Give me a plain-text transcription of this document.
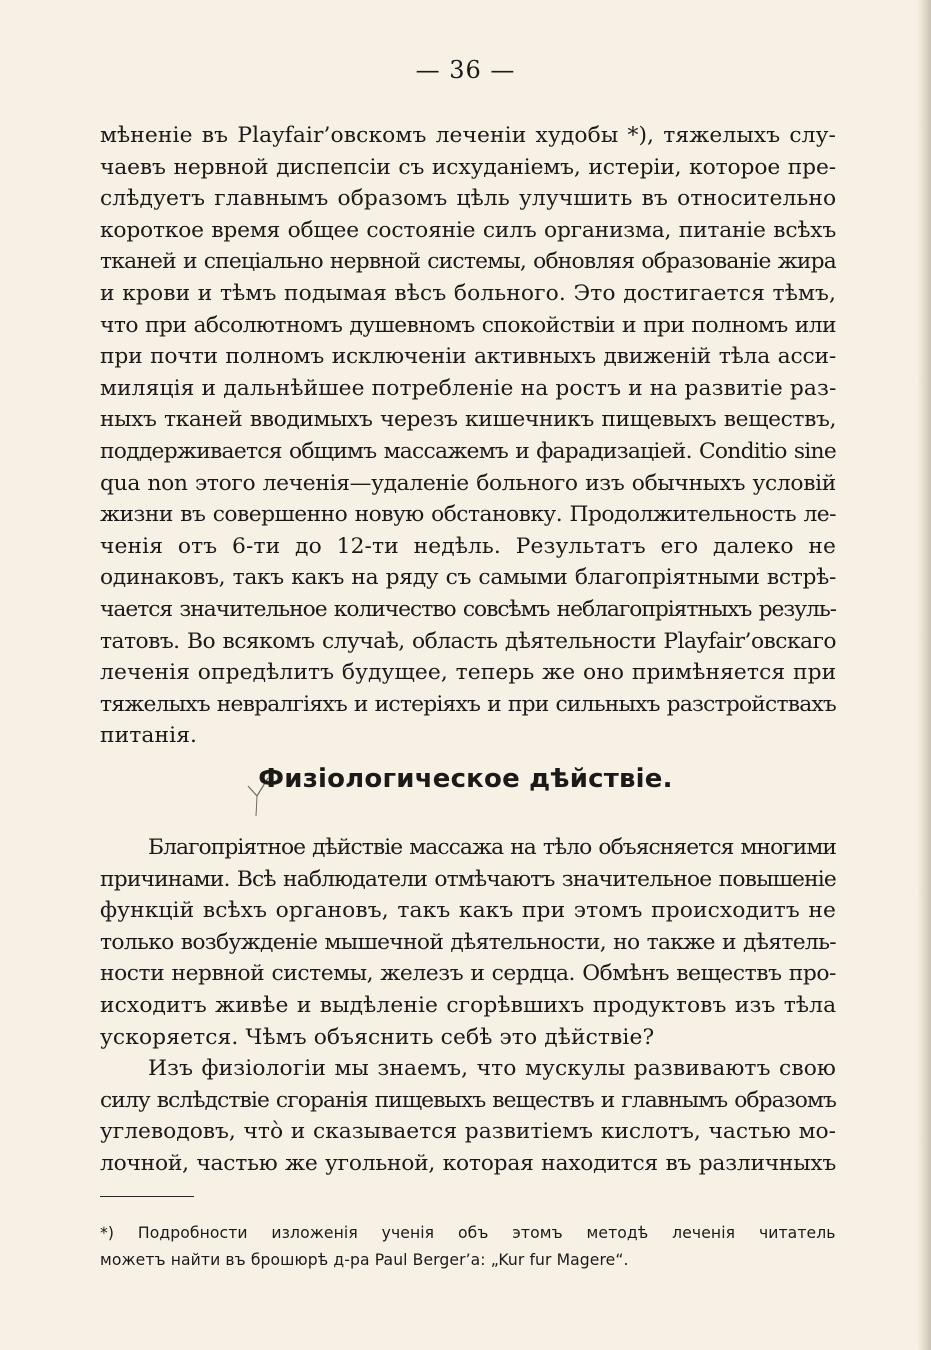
— 36 —
мѣненіе въ Playfair’овскомъ леченіи худобы *), тяжелыхъ слу-
чаевъ нервной диспепсіи съ исхуданіемъ, истеріи, которое пре-
слѣдуетъ главнымъ образомъ цѣль улучшить въ относительно
короткое время общее состояніе силъ организма, питаніе всѣхъ
тканей и спеціально нервной системы, обновляя образованіе жира
и крови и тѣмъ подымая вѣсъ больного. Это достигается тѣмъ,
что при абсолютномъ душевномъ спокойствіи и при полномъ или
при почти полномъ исключеніи активныхъ движеній тѣла асси-
миляція и дальнѣйшее потребленіе на ростъ и на развитіе раз-
ныхъ тканей вводимыхъ черезъ кишечникъ пищевыхъ веществъ,
поддерживается общимъ массажемъ и фарадизаціей. Conditio sine
qua non этого леченія—удаленіе больного изъ обычныхъ условій
жизни въ совершенно новую обстановку. Продолжительность ле-
ченія отъ 6-ти до 12-ти недѣль. Результатъ его далеко не
одинаковъ, такъ какъ на ряду съ самыми благопріятными встрѣ-
чается значительное количество совсѣмъ неблагопріятныхъ резуль-
татовъ. Во всякомъ случаѣ, область дѣятельности Playfair’овскаго
леченія опредѣлитъ будущее, теперь же оно примѣняется при
тяжелыхъ невралгіяхъ и истеріяхъ и при сильныхъ разстройствахъ
питанія.
Физіологическое дѣйствіе.
Благопріятное дѣйствіе массажа на тѣло объясняется многими
причинами. Всѣ наблюдатели отмѣчаютъ значительное повышеніе
функцій всѣхъ органовъ, такъ какъ при этомъ происходитъ не
только возбужденіе мышечной дѣятельности, но также и дѣятель-
ности нервной системы, железъ и сердца. Обмѣнъ веществъ про-
исходитъ живѣе и выдѣленіе сгорѣвшихъ продуктовъ изъ тѣла
ускоряется. Чѣмъ объяснить себѣ это дѣйствіе?
Изъ физіологіи мы знаемъ, что мускулы развиваютъ свою
силу вслѣдствіе сгоранія пищевыхъ веществъ и главнымъ образомъ
углеводовъ, что̀ и сказывается развитіемъ кислотъ, частью мо-
лочной, частью же угольной, которая находится въ различныхъ
*) Подробности изложенія ученія объ этомъ методѣ леченія читатель
можетъ найти въ брошюрѣ д-ра Paul Berger’a: „Kur fur Magere“.
